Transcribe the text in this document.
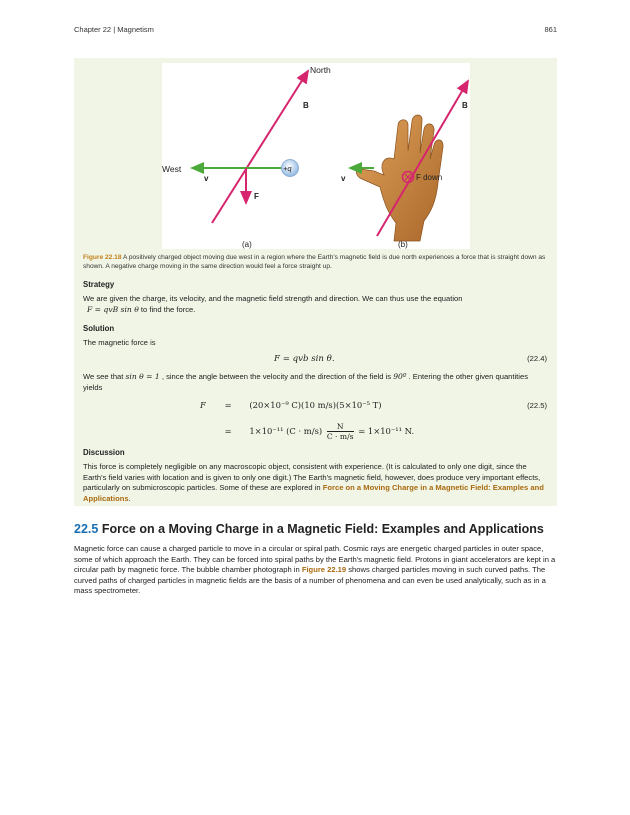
Chapter 22 | Magnetism	861
North
B
West
v
+q
F
(a)
B
v	F down
(b)
Figure 22.18 A positively charged object moving due west in a region where the Earth's magnetic field is due north experiences a force that is straight down as shown. A negative charge moving in the same direction would feel a force straight up.
Strategy
We are given the charge, its velocity, and the magnetic field strength and direction. We can thus use the equation
F = qvB sin θ to find the force.
Solution
The magnetic force is
F = qvb sin θ.	(22.4)
We see that sin θ = 1 , since the angle between the velocity and the direction of the field is 90º . Entering the other given quantities yields
F = (20×10⁻⁹ C)(10 m/s)(5×10⁻⁵ T)
= 1×10⁻¹¹ $(C \cdot m/s) \frac{N}{C \cdot m/s} = 1\times 10^{-11}$ N.
(22.5)
Discussion
This force is completely negligible on any macroscopic object, consistent with experience. (It is calculated to only one digit, since the Earth's field varies with location and is given to only one digit.) The Earth's magnetic field, however, does produce very important effects, particularly on submicroscopic particles. Some of these are explored in Force on a Moving Charge in a Magnetic Field: Examples and Applications.
22.5 Force on a Moving Charge in a Magnetic Field: Examples and Applications
Magnetic force can cause a charged particle to move in a circular or spiral path. Cosmic rays are energetic charged particles in outer space, some of which approach the Earth. They can be forced into spiral paths by the Earth's magnetic field. Protons in giant accelerators are kept in a circular path by magnetic force. The bubble chamber photograph in Figure 22.19 shows charged particles moving in such curved paths. The curved paths of charged particles in magnetic fields are the basis of a number of phenomena and can even be used analytically, such as in a mass spectrometer.
